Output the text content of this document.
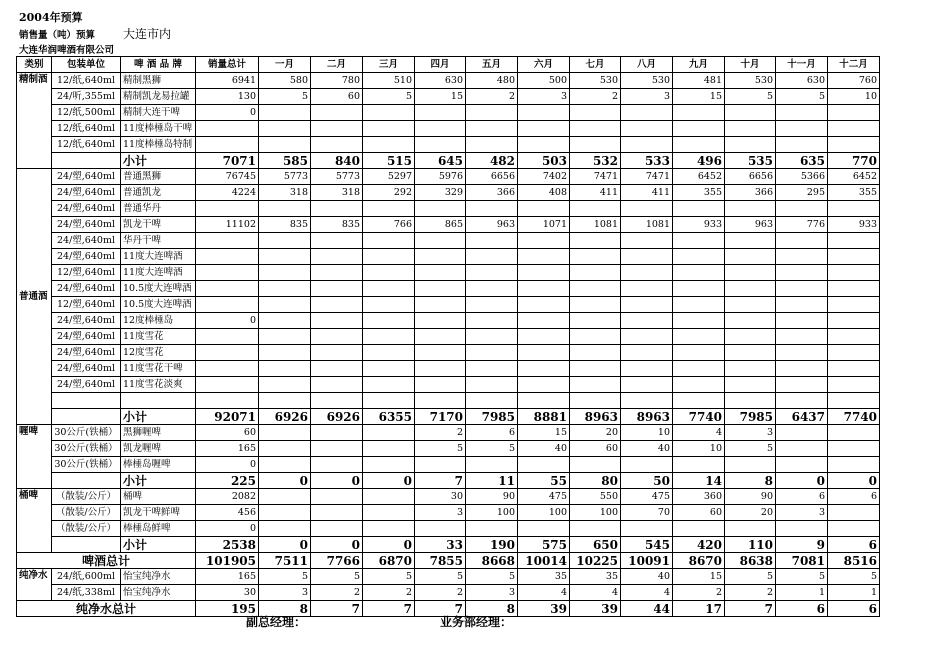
2004年预算
销售量（吨）预算 大连市内
大连华润啤酒有限公司
类别	包装单位	啤 酒 品 牌	销量总计	一月	二月	三月	四月	五月	六月	七月	八月	九月	十月	十一月	十二月
精制酒	12/纸,640ml	精制黑狮	6941	580	780	510	630	480	500	530	530	481	530	630	760
	24/听,355ml	精制凯龙易拉罐	130	5	60	5	15	2	3	2	3	15	5	5	10
	12/纸,500ml	精制大连干啤	0												
	12/纸,640ml	11度棒棰岛干啤													
	12/纸,640ml	11度棒棰岛特制													
		小计	7071	585	840	515	645	482	503	532	533	496	535	635	770
普通酒	24/塑,640ml	普通黑狮	76745	5773	5773	5297	5976	6656	7402	7471	7471	6452	6656	5366	6452
	24/塑,640ml	普通凯龙	4224	318	318	292	329	366	408	411	411	355	366	295	355
	24/塑,640ml	普通华丹													
	24/塑,640ml	凯龙干啤	11102	835	835	766	865	963	1071	1081	1081	933	963	776	933
	24/塑,640ml	华丹干啤													
	24/塑,640ml	11度大连啤酒													
	12/塑,640ml	11度大连啤酒													
	24/塑,640ml	10.5度大连啤酒													
	12/塑,640ml	10.5度大连啤酒													
	24/塑,640ml	12度棒棰岛	0												
	24/塑,640ml	11度雪花													
	24/塑,640ml	12度雪花													
	24/塑,640ml	11度雪花干啤													
	24/塑,640ml	11度雪花淡爽													

		小计	92071	6926	6926	6355	7170	7985	8881	8963	8963	7740	7985	6437	7740
喱啤	30公斤(铁桶）	黑狮喱啤	60				2	6	15	20	10	4	3		
	30公斤(铁桶）	凯龙喱啤	165				5	5	40	60	40	10	5		
	30公斤(铁桶）	棒棰岛喱啤	0												
		小计	225	0	0	0	7	11	55	80	50	14	8	0	0
桶啤	（散装/公斤）	桶啤	2082				30	90	475	550	475	360	90	6	6
	（散装/公斤）	凯龙干啤鲜啤	456				3	100	100	100	70	60	20	3	
	（散装/公斤）	棒棰岛鲜啤	0												
		小计	2538	0	0	0	33	190	575	650	545	420	110	9	6
啤酒总计			101905	7511	7766	6870	7855	8668	10014	10225	10091	8670	8638	7081	8516
纯净水	24/纸,600ml	怡宝纯净水	165	5	5	5	5	5	35	35	40	15	5	5	5
	24/纸,338ml	怡宝纯净水	30	3	2	2	2	3	4	4	4	2	2	1	1
纯净水总计			195	8	7	7	7	8	39	39	44	17	7	6	6
副总经理：	业务部经理：
